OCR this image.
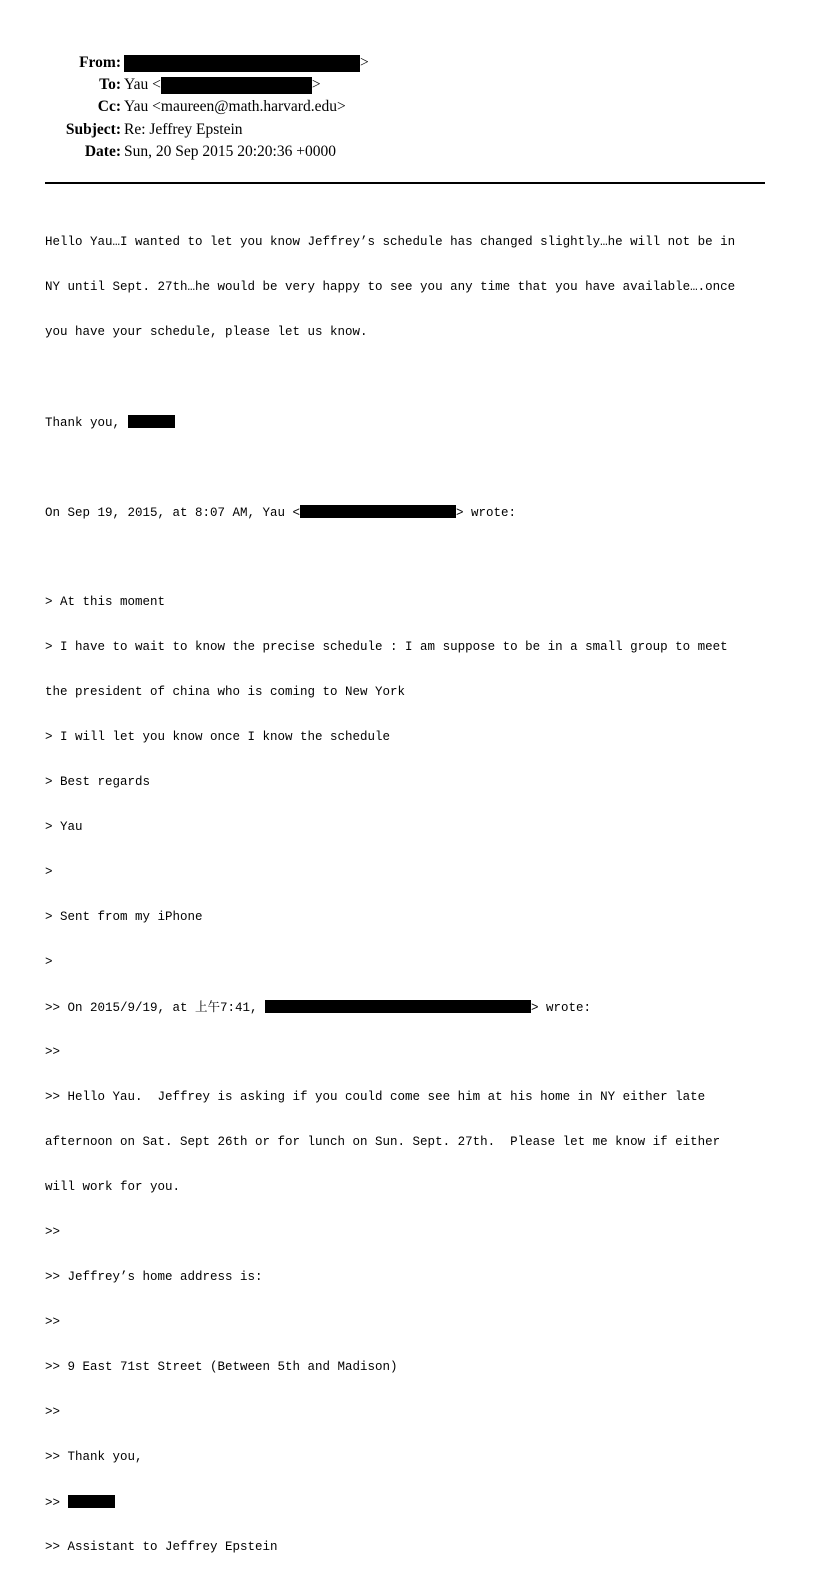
From:	>
To: Yau <	>
Cc: Yau <maureen@math.harvard.edu>
Subject: Re: Jeffrey Epstein
Date: Sun, 20 Sep 2015 20:20:36 +0000

Hello Yau…I wanted to let you know Jeffrey’s schedule has changed slightly…he will not be in

NY until Sept. 27th…he would be very happy to see you any time that you have available….once

you have your schedule, please let us know.

Thank you,

On Sep 19, 2015, at 8:07 AM, Yau <	> wrote:

> At this moment

> I have to wait to know the precise schedule : I am suppose to be in a small group to meet

the president of china who is coming to New York

> I will let you know once I know the schedule

> Best regards

> Yau

>

> Sent from my iPhone

>

>> On 2015/9/19, at 上午7:41,	> wrote:

>>

>> Hello Yau.  Jeffrey is asking if you could come see him at his home in NY either late

afternoon on Sat. Sept 26th or for lunch on Sun. Sept. 27th.  Please let me know if either

will work for you.

>>

>> Jeffrey’s home address is:

>>

>> 9 East 71st Street (Between 5th and Madison)

>>

>> Thank you,

>>

>> Assistant to Jeffrey Epstein
